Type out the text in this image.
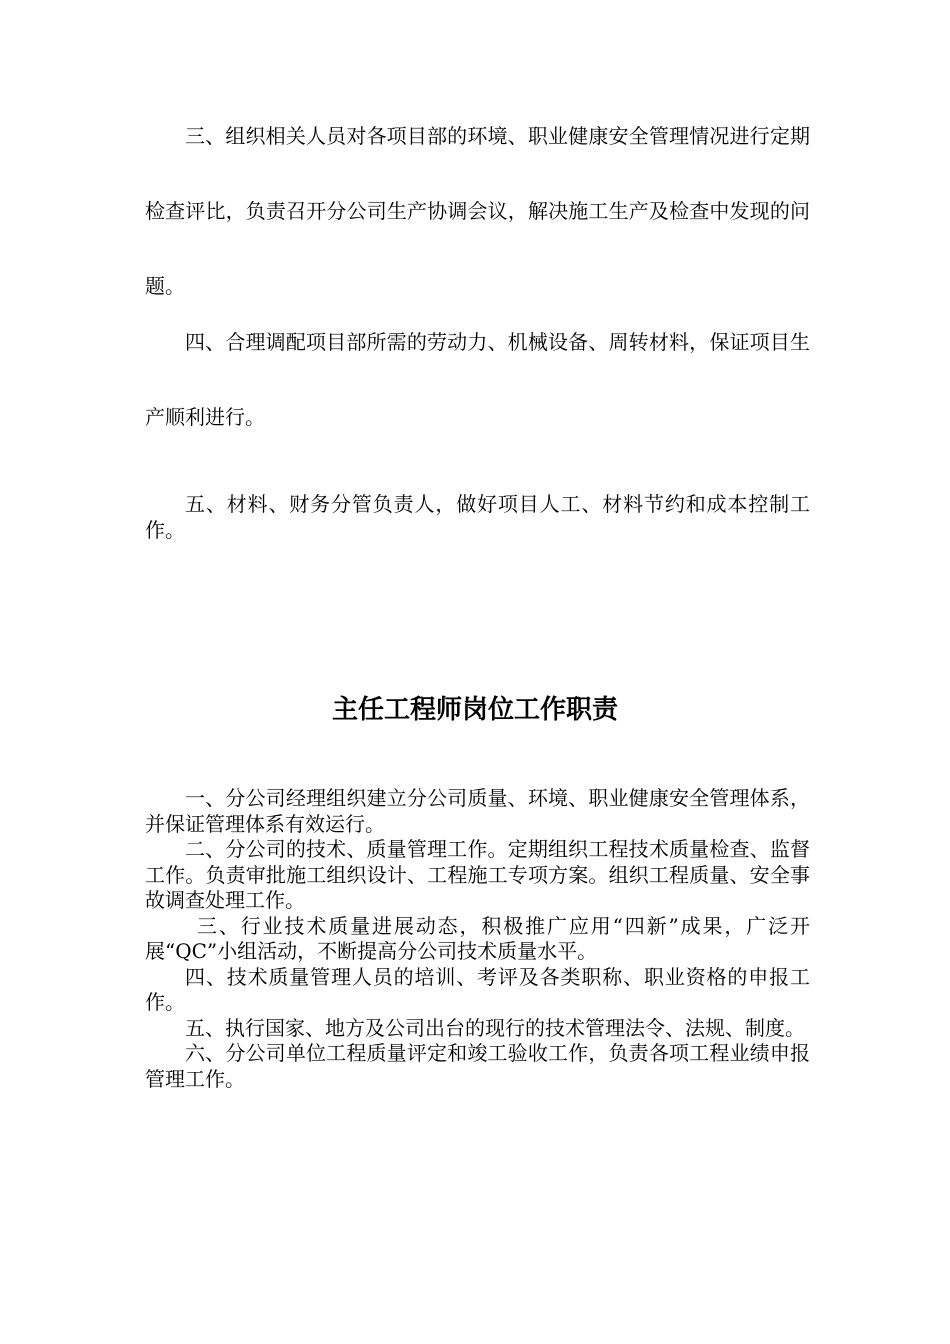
三、组织相关人员对各项目部的环境、职业健康安全管理情况进行定期检查评比，负责召开分公司生产协调会议，解决施工生产及检查中发现的问题。

四、合理调配项目部所需的劳动力、机械设备、周转材料，保证项目生产顺利进行。

五、材料、财务分管负责人，做好项目人工、材料节约和成本控制工作。

主任工程师岗位工作职责

一、分公司经理组织建立分公司质量、环境、职业健康安全管理体系，并保证管理体系有效运行。

二、分公司的技术、质量管理工作。定期组织工程技术质量检查、监督工作。负责审批施工组织设计、工程施工专项方案。组织工程质量、安全事故调查处理工作。

三、行业技术质量进展动态，积极推广应用“四新”成果，广泛开展“QC”小组活动，不断提高分公司技术质量水平。

四、技术质量管理人员的培训、考评及各类职称、职业资格的申报工作。

五、执行国家、地方及公司出台的现行的技术管理法令、法规、制度。

六、分公司单位工程质量评定和竣工验收工作，负责各项工程业绩申报管理工作。
